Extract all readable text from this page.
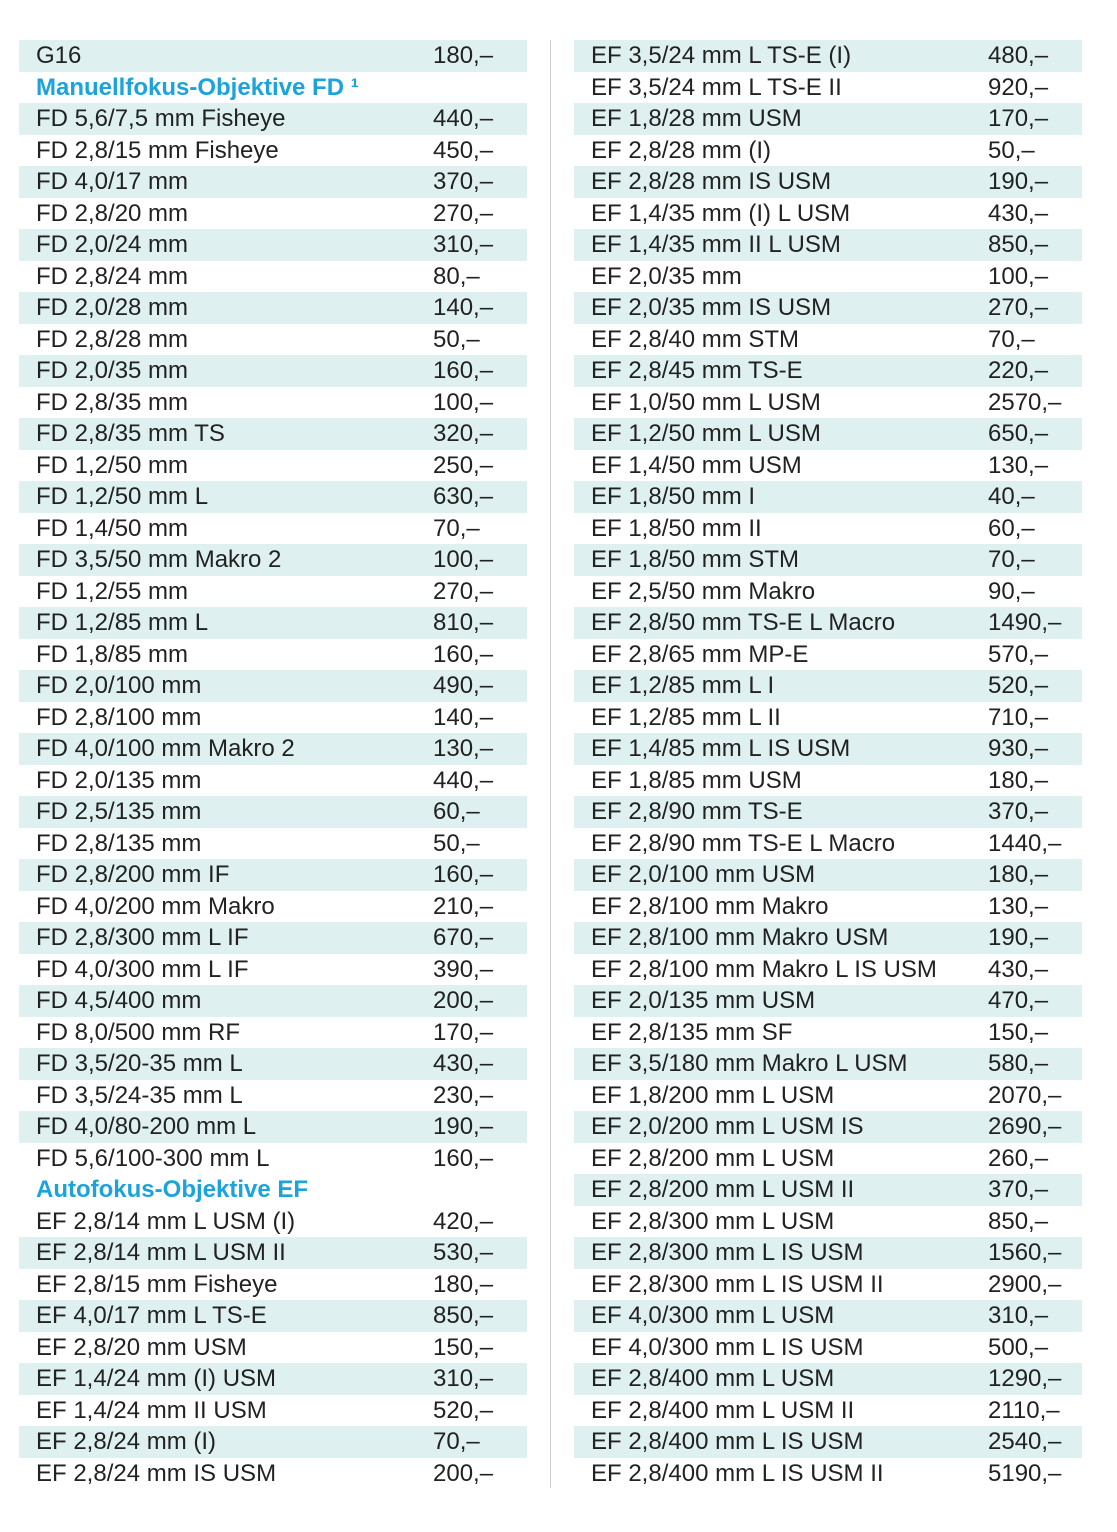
G16	180,–
Manuellfokus-Objektive FD ¹
FD 5,6/7,5 mm Fisheye	440,–
FD 2,8/15 mm Fisheye	450,–
FD 4,0/17 mm	370,–
FD 2,8/20 mm	270,–
FD 2,0/24 mm	310,–
FD 2,8/24 mm	80,–
FD 2,0/28 mm	140,–
FD 2,8/28 mm	50,–
FD 2,0/35 mm	160,–
FD 2,8/35 mm	100,–
FD 2,8/35 mm TS	320,–
FD 1,2/50 mm	250,–
FD 1,2/50 mm L	630,–
FD 1,4/50 mm	70,–
FD 3,5/50 mm Makro 2	100,–
FD 1,2/55 mm	270,–
FD 1,2/85 mm L	810,–
FD 1,8/85 mm	160,–
FD 2,0/100 mm	490,–
FD 2,8/100 mm	140,–
FD 4,0/100 mm Makro 2	130,–
FD 2,0/135 mm	440,–
FD 2,5/135 mm	60,–
FD 2,8/135 mm	50,–
FD 2,8/200 mm IF	160,–
FD 4,0/200 mm Makro	210,–
FD 2,8/300 mm L IF	670,–
FD 4,0/300 mm L IF	390,–
FD 4,5/400 mm	200,–
FD 8,0/500 mm RF	170,–
FD 3,5/20-35 mm L	430,–
FD 3,5/24-35 mm L	230,–
FD 4,0/80-200 mm L	190,–
FD 5,6/100-300 mm L	160,–
Autofokus-Objektive EF
EF 2,8/14 mm L USM (I)	420,–
EF 2,8/14 mm L USM II	530,–
EF 2,8/15 mm Fisheye	180,–
EF 4,0/17 mm L TS-E	850,–
EF 2,8/20 mm USM	150,–
EF 1,4/24 mm (I) USM	310,–
EF 1,4/24 mm II USM	520,–
EF 2,8/24 mm (I)	70,–
EF 2,8/24 mm IS USM	200,–
EF 3,5/24 mm L TS-E (I)	480,–
EF 3,5/24 mm L TS-E II	920,–
EF 1,8/28 mm USM	170,–
EF 2,8/28 mm (I)	50,–
EF 2,8/28 mm IS USM	190,–
EF 1,4/35 mm (I) L USM	430,–
EF 1,4/35 mm II L USM	850,–
EF 2,0/35 mm	100,–
EF 2,0/35 mm IS USM	270,–
EF 2,8/40 mm STM	70,–
EF 2,8/45 mm TS-E	220,–
EF 1,0/50 mm L USM	2570,–
EF 1,2/50 mm L USM	650,–
EF 1,4/50 mm USM	130,–
EF 1,8/50 mm I	40,–
EF 1,8/50 mm II	60,–
EF 1,8/50 mm STM	70,–
EF 2,5/50 mm Makro	90,–
EF 2,8/50 mm TS-E L Macro	1490,–
EF 2,8/65 mm MP-E	570,–
EF 1,2/85 mm L I	520,–
EF 1,2/85 mm L II	710,–
EF 1,4/85 mm L IS USM	930,–
EF 1,8/85 mm USM	180,–
EF 2,8/90 mm TS-E	370,–
EF 2,8/90 mm TS-E L Macro	1440,–
EF 2,0/100 mm USM	180,–
EF 2,8/100 mm Makro	130,–
EF 2,8/100 mm Makro USM	190,–
EF 2,8/100 mm Makro L IS USM 430,–
EF 2,0/135 mm USM	470,–
EF 2,8/135 mm SF	150,–
EF 3,5/180 mm Makro L USM	580,–
EF 1,8/200 mm L USM	2070,–
EF 2,0/200 mm L USM IS	2690,–
EF 2,8/200 mm L USM	260,–
EF 2,8/200 mm L USM II	370,–
EF 2,8/300 mm L USM	850,–
EF 2,8/300 mm L IS USM	1560,–
EF 2,8/300 mm L IS USM II	2900,–
EF 4,0/300 mm L USM	310,–
EF 4,0/300 mm L IS USM	500,–
EF 2,8/400 mm L USM	1290,–
EF 2,8/400 mm L USM II	2110,–
EF 2,8/400 mm L IS USM	2540,–
EF 2,8/400 mm L IS USM II	5190,–
